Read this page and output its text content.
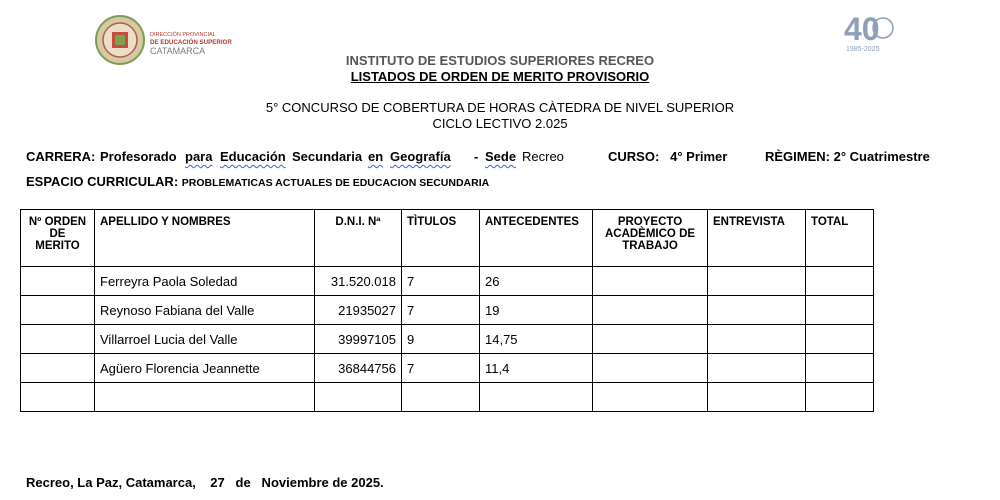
DIRECCIÓN PROVINCIAL
DE EDUCACIÓN SUPERIOR
CATAMARCA
40
1985-2025
INSTITUTO DE ESTUDIOS SUPERIORES RECREO
LISTADOS DE ORDEN DE MERITO PROVISORIO
5° CONCURSO DE COBERTURA DE HORAS CÀTEDRA DE NIVEL SUPERIOR
CICLO LECTIVO 2.025
CARRERA: Profesorado para Educación Secundaria en Geografía - Sede Recreo	CURSO:   4° Primer	RÈGIMEN: 2° Cuatrimestre
ESPACIO CURRICULAR: PROBLEMATICAS ACTUALES DE EDUCACION SECUNDARIA
Nº ORDEN DE MERITO	APELLIDO Y NOMBRES	D.N.I. Nª	TÌTULOS	ANTECEDENTES	PROYECTO ACADÈMICO DE TRABAJO	ENTREVISTA	TOTAL
	Ferreyra Paola Soledad	31.520.018	7	26			
	Reynoso Fabiana del Valle	21935027	7	19			
	Villarroel Lucia del Valle	39997105	9	14,75			
	Agüero Florencia Jeannette	36844756	7	11,4			

Recreo, La Paz, Catamarca,    27   de   Noviembre de 2025.
